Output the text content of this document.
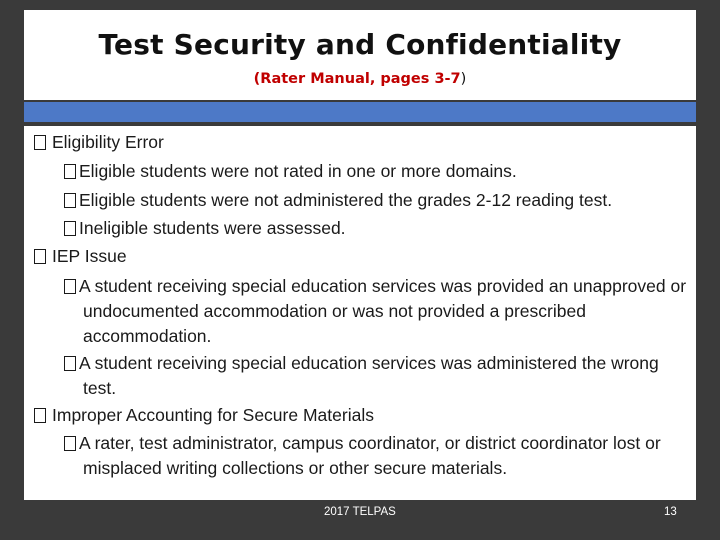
Test Security and Confidentiality
(Rater Manual, pages 3-7)
Eligibility Error
Eligible students were not rated in one or more domains.
Eligible students were not administered the grades 2-12 reading test.
Ineligible students were assessed.
IEP Issue
A student receiving special education services was provided an unapproved or undocumented accommodation or was not provided a prescribed accommodation.
A student receiving special education services was administered the wrong test.
Improper Accounting for Secure Materials
A rater, test administrator, campus coordinator, or district coordinator lost or misplaced writing collections or other secure materials.
2017 TELPAS	13
